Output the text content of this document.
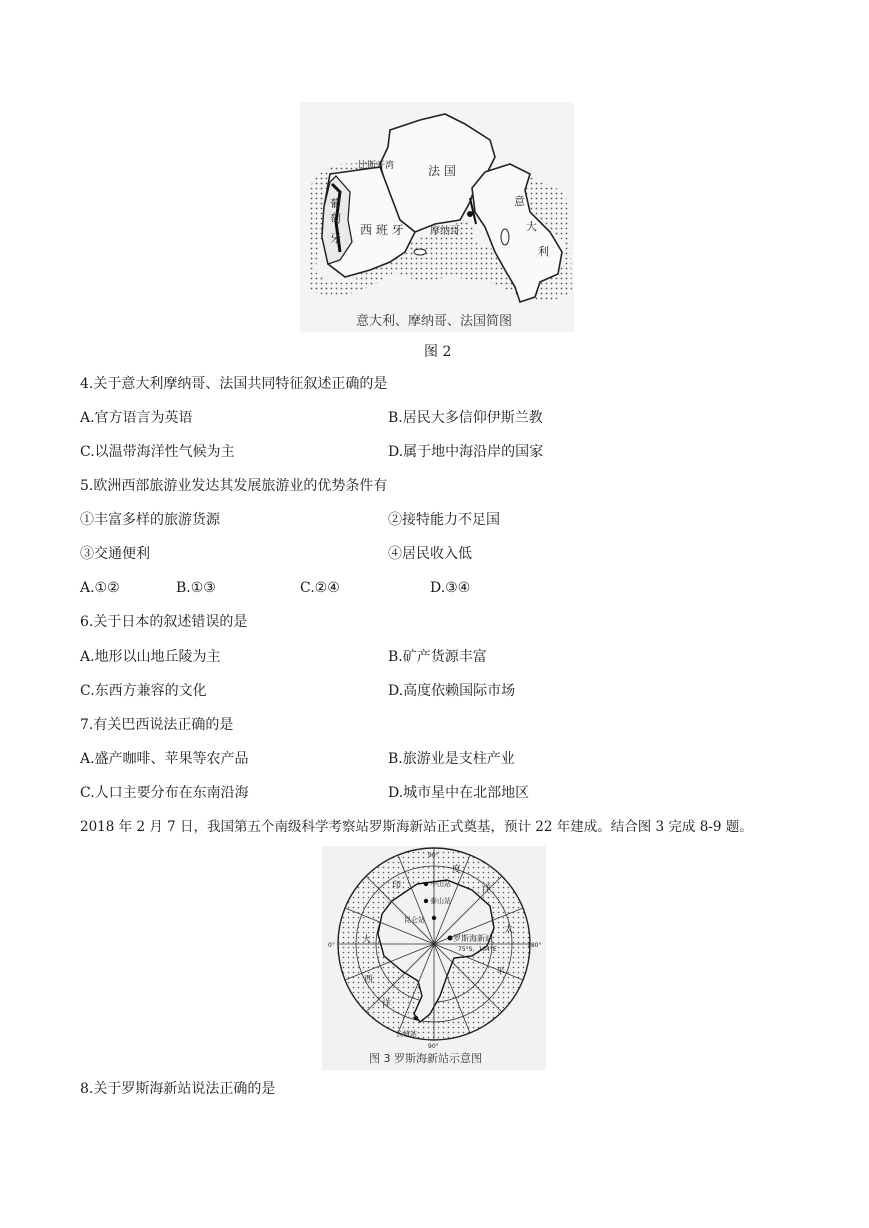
比斯开湾	法 国
西 班 牙
葡
萄
牙
摩纳哥
意
大
利
意大利、摩纳哥、法国简图
图 2
4.关于意大利摩纳哥、法国共同特征叙述正确的是
A.官方语言为英语	B.居民大多信仰伊斯兰教
C.以温带海洋性气候为主	D.属于地中海沿岸的国家
5.欧洲西部旅游业发达其发展旅游业的优势条件有
①丰富多样的旅游货源	②接特能力不足国
③交通便利	④居民收入低
A.①②	B.①③	C.②④	D.③④
6.关于日本的叙述错误的是
A.地形以山地丘陵为主	B.矿产货源丰富
C.东西方兼容的文化	D.高度依赖国际市场
7.有关巴西说法正确的是
A.盛产咖啡、苹果等农产品	B.旅游业是支柱产业
C.人口主要分布在东南沿海	D.城市星中在北部地区
2018 年 2 月 7 日，我国第五个南级科学考察站罗斯海新站正式奠基，预计 22 年建成。结合图 3 完成 8-9 题。
90°
90°
0°	180°
中山站
泰山站
昆仑站
罗斯海新站
75°S，164°E
长城站
印
度
洋
大
西
洋
太
平
图 3 罗斯海新站示意图
8.关于罗斯海新站说法正确的是
